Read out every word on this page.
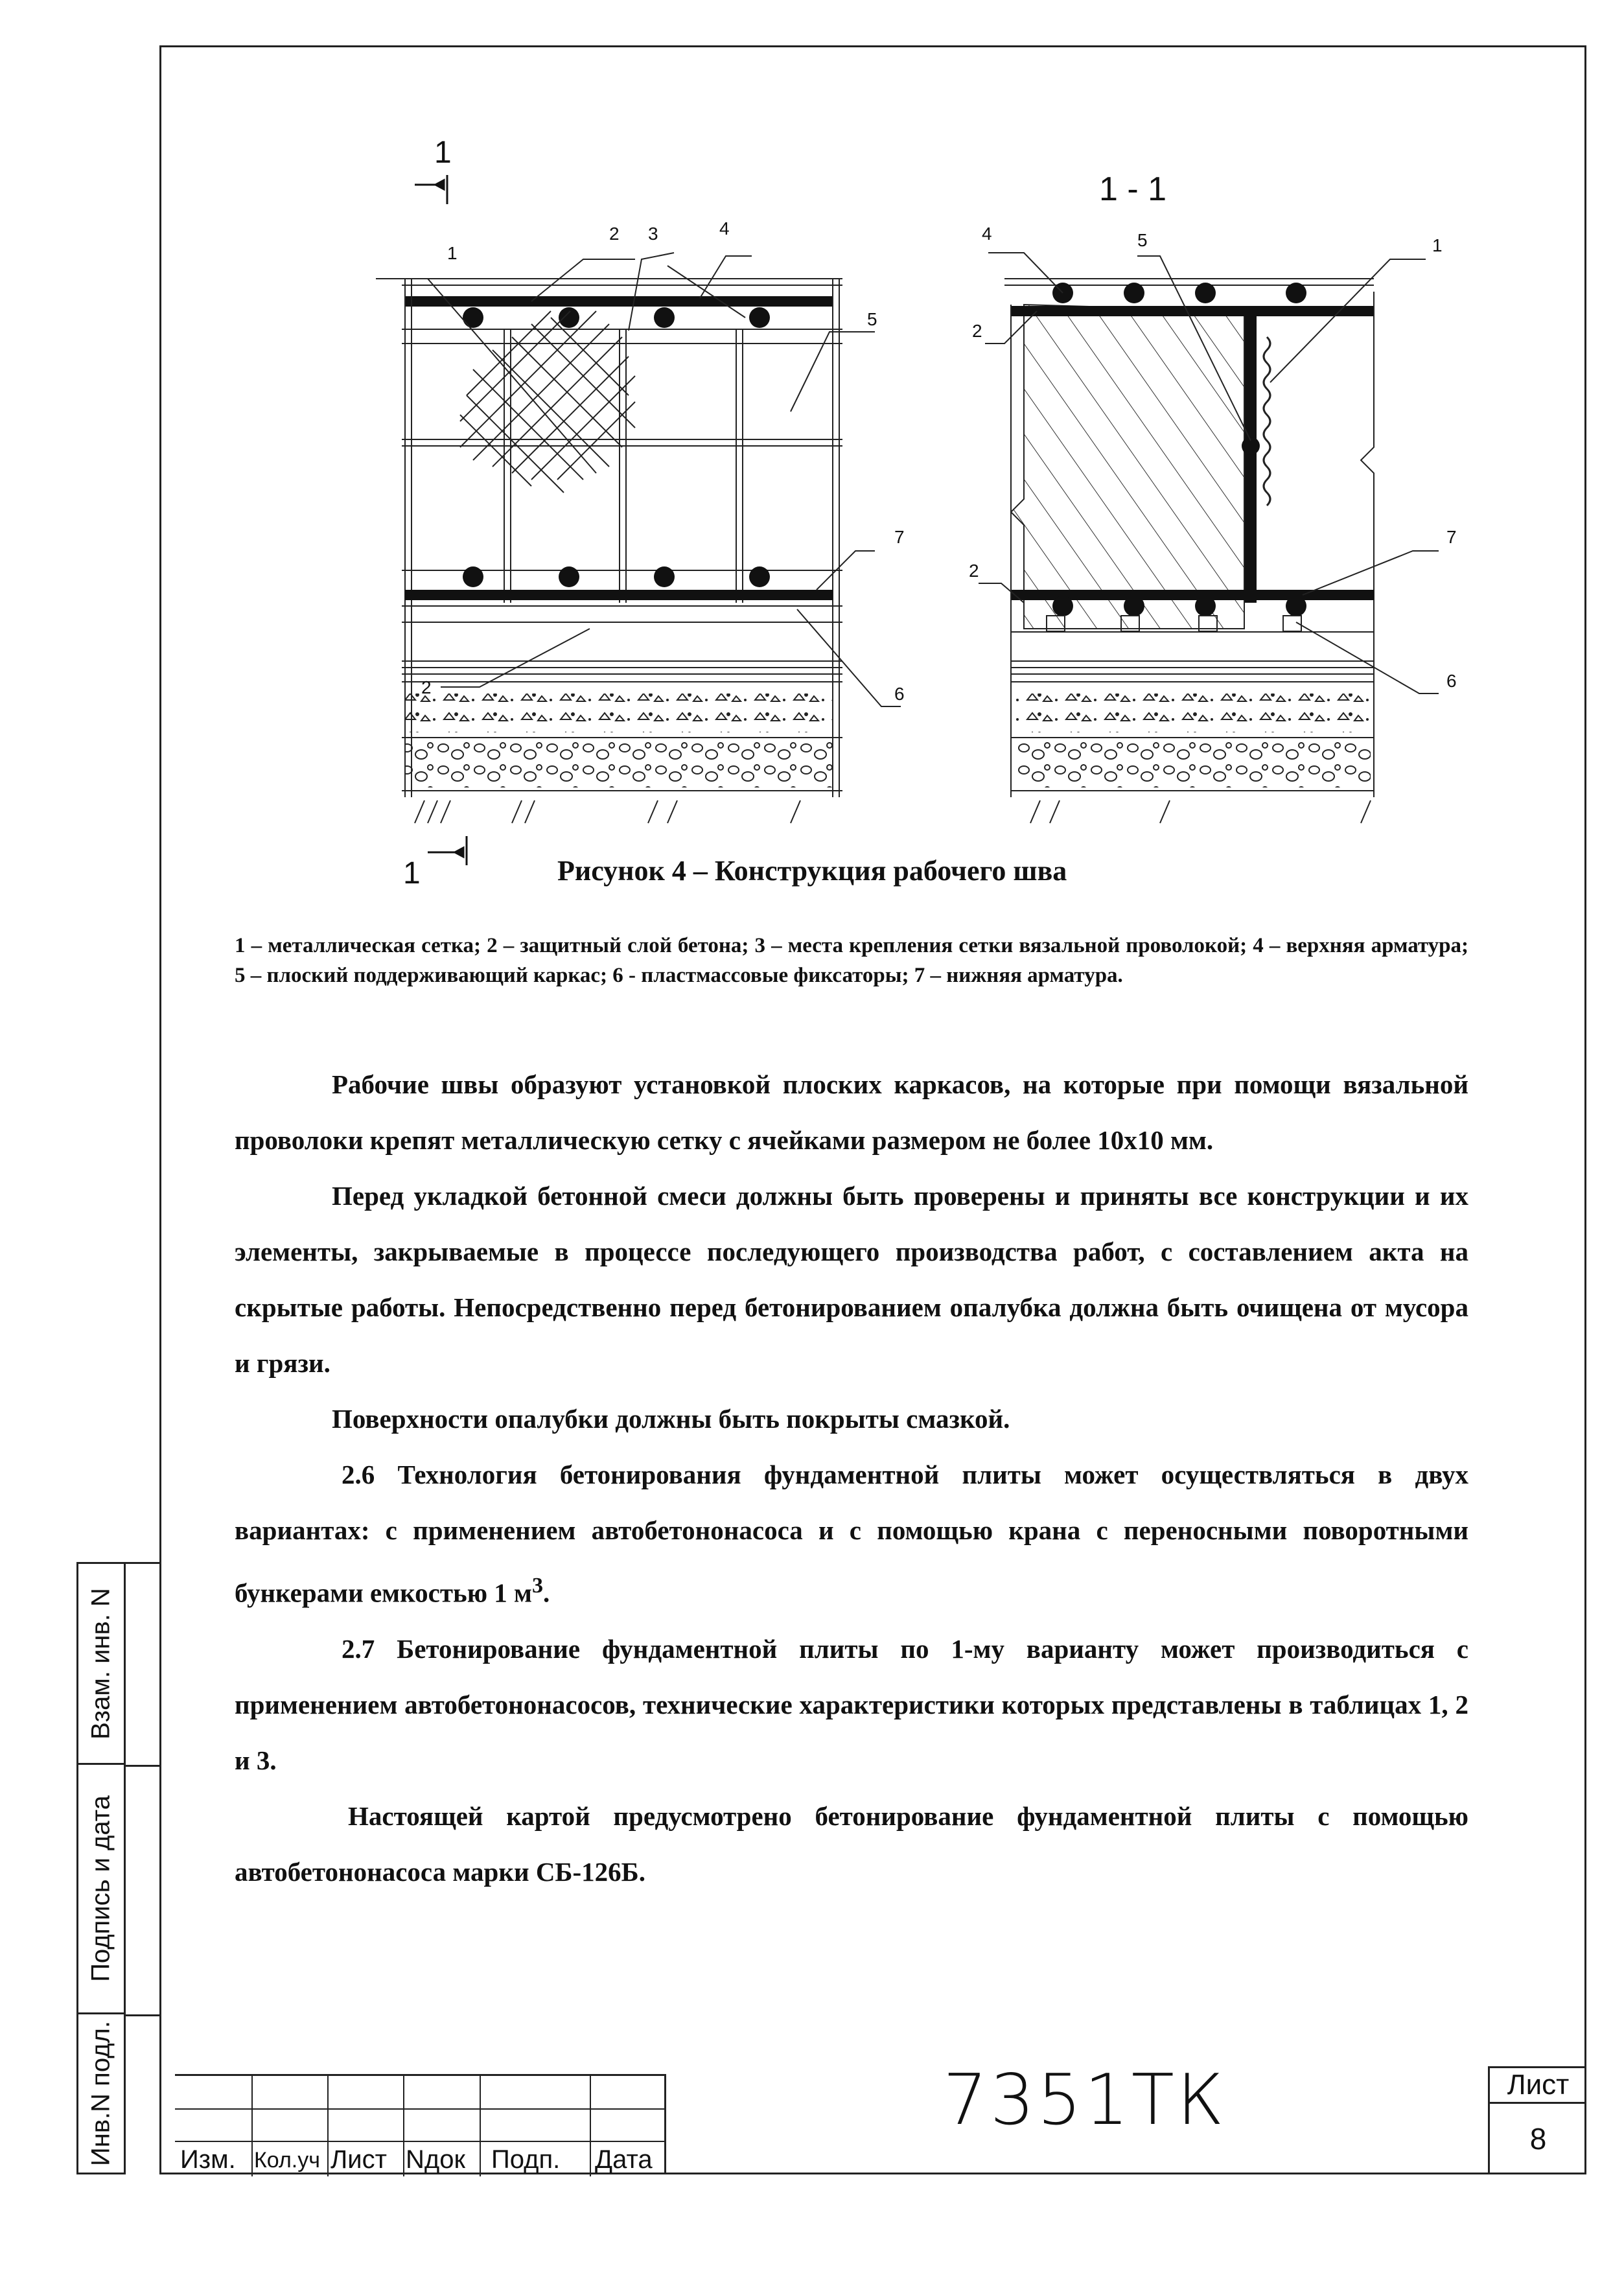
1
2 3	4
5
7
2	6
4	5	1
2
7
2
6
1
1
1 - 1
Рисунок 4 – Конструкция рабочего шва
1 – металлическая сетка; 2 – защитный слой бетона; 3 – места крепления сетки вязальной проволокой; 4 – верхняя арматура; 5 – плоский поддерживающий каркас; 6 - пластмассовые фиксаторы; 7 – нижняя арматура.

Рабочие швы образуют установкой плоских каркасов, на которые при помощи вязальной проволоки крепят металлическую сетку с ячейками размером не более 10х10 мм.

Перед укладкой бетонной смеси должны быть проверены и приняты все конструкции и их элементы, закрываемые в процессе последующего производства работ, с составлением акта на скрытые работы. Непосредственно перед бетонированием опалубка должна быть очищена от мусора и грязи.

Поверхности опалубки должны быть покрыты смазкой.

2.6 Технология бетонирования фундаментной плиты может осуществляться в двух вариантах: с применением автобетононасоса и с помощью крана с переносными поворотными бункерами емкостью 1 $м^3$.

2.7 Бетонирование фундаментной плиты по 1-му варианту может производиться с применением автобетононасосов, технические характеристики которых представлены в таблицах 1, 2 и 3.

Настоящей картой предусмотрено бетонирование фундаментной плиты с помощью автобетононасоса марки СБ-126Б.

Взам. инв. N
Подпись и дата
Инв.N подл.	Изм. Кол.уч Лист Nдок Подп. Дата
7351ТК	Лист
8
